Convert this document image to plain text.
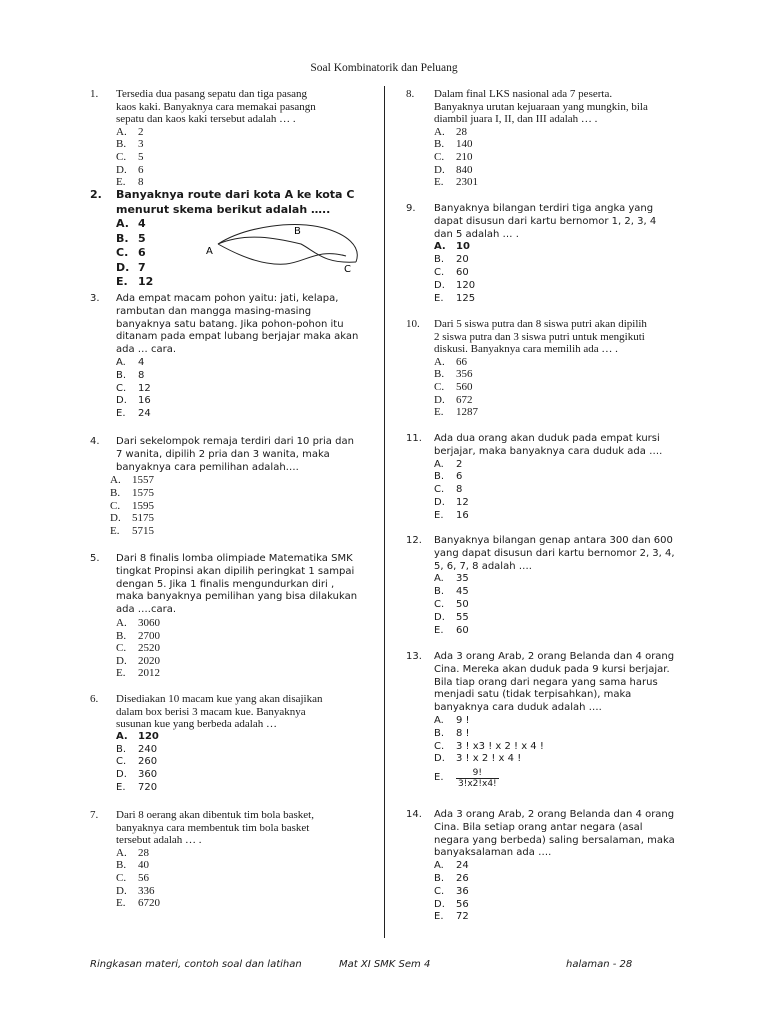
Soal Kombinatorik dan Peluang
1. Tersedia dua pasang sepatu dan tiga pasang
kaos kaki. Banyaknya cara memakai pasangn
sepatu dan kaos kaki tersebut adalah … .
A.	2
B.	3
C.	5
D.	6
E.	8
2. Banyaknya route dari kota A ke kota C
menurut skema berikut adalah …..
A. 4
B. 5
C. 6
D. 7
E. 12
A
B
C
3. Ada empat macam pohon yaitu: jati, kelapa,
rambutan dan mangga masing-masing
banyaknya satu batang. Jika pohon-pohon itu
ditanam pada empat lubang berjajar maka akan
ada … cara.
A.	4
B.	8
C.	12
D.	16
E.	24
4. Dari sekelompok remaja terdiri dari 10 pria dan
7 wanita, dipilih 2 pria dan 3 wanita, maka
banyaknya cara pemilihan adalah….
A.	1557
B.	1575
C.	1595
D.	5175
E.	5715
5. Dari 8 finalis lomba olimpiade Matematika SMK
tingkat Propinsi akan dipilih peringkat 1 sampai
dengan 5. Jika 1 finalis mengundurkan diri ,
maka banyaknya pemilihan yang bisa dilakukan
ada ….cara.
A.	3060
B.	2700
C.	2520
D.	2020
E.	2012
6. Disediakan 10 macam kue yang akan disajikan
dalam box berisi 3 macam kue. Banyaknya
susunan kue yang berbeda adalah …
A.	120
B.	240
C.	260
D.	360
E.	720
7. Dari 8 oerang akan dibentuk tim bola basket,
banyaknya cara membentuk tim bola basket
tersebut adalah … .
A.	28
B.	40
C.	56
D.	336
E.	6720
8. Dalam final LKS nasional ada 7 peserta.
Banyaknya urutan kejuaraan yang mungkin, bila
diambil juara I, II, dan III adalah … .
A.	28
B.	140
C.	210
D.	840
E.	2301
9. Banyaknya bilangan terdiri tiga angka yang
dapat disusun dari kartu bernomor 1, 2, 3, 4
dan 5 adalah … .
A.	10
B.	20
C.	60
D.	120
E.	125
10. Dari 5 siswa putra dan 8 siswa putri akan dipilih
2 siswa putra dan 3 siswa putri untuk mengikuti
diskusi. Banyaknya cara memilih ada … .
A.	66
B.	356
C.	560
D.	672
E.	1287
11. Ada dua orang akan duduk pada empat kursi
berjajar, maka banyaknya cara duduk ada ….
A.	2
B.	6
C.	8
D.	12
E.	16
12. Banyaknya bilangan genap antara 300 dan 600
yang dapat disusun dari kartu bernomor 2, 3, 4,
5, 6, 7, 8 adalah ….
A.	35
B.	45
C.	50
D.	55
E.	60
13. Ada 3 orang Arab, 2 orang Belanda dan 4 orang
Cina. Mereka akan duduk pada 9 kursi berjajar.
Bila tiap orang dari negara yang sama harus
menjadi satu (tidak terpisahkan), maka
banyaknya cara duduk adalah ….
A.	9 !
B.	8 !
C.	3 ! x3 ! x 2 ! x 4 !
D.	3 ! x 2 ! x 4 !
E.	$\frac{9!}{3!x2!x4!}$
14. Ada 3 orang Arab, 2 orang Belanda dan 4 orang
Cina. Bila setiap orang antar negara (asal
negara yang berbeda) saling bersalaman, maka
banyaksalaman ada ….
A.	24
B.	26
C.	36
D.	56
E.	72
Ringkasan materi, contoh soal dan latihan	Mat XI SMK Sem 4	halaman - 28
